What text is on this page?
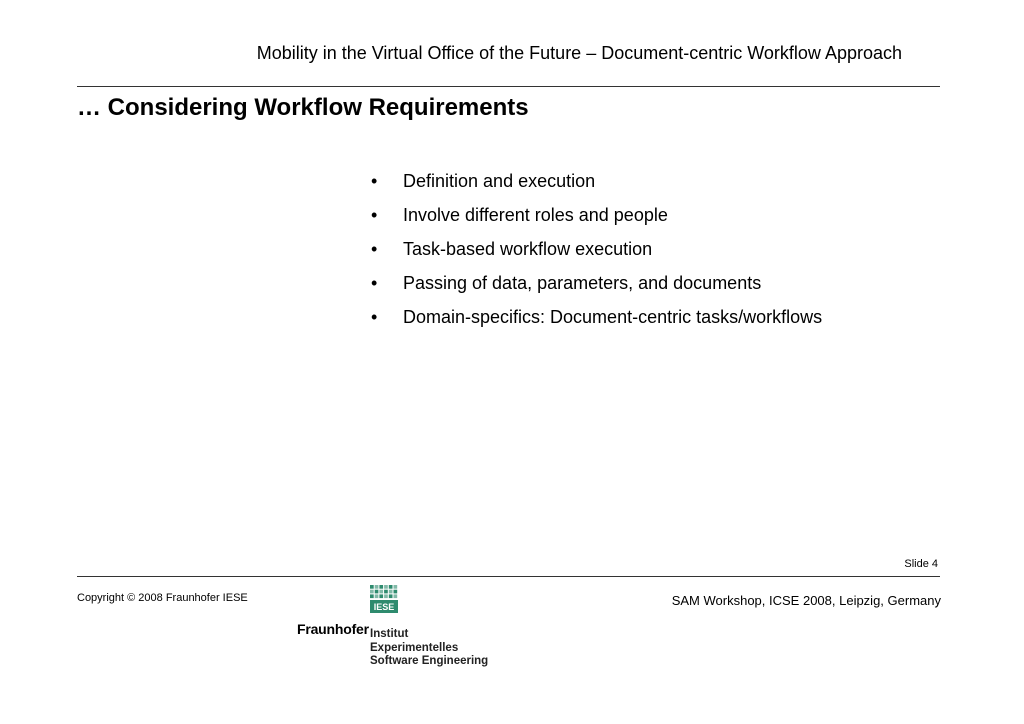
Mobility in the Virtual Office of the Future – Document-centric Workflow Approach
… Considering Workflow Requirements
• Definition and execution
• Involve different roles and people
• Task-based workflow execution
• Passing of data, parameters, and documents
• Domain-specifics: Document-centric tasks/workflows
Slide 4
Copyright © 2008 Fraunhofer IESE
IESE
Fraunhofer Institut
Experimentelles
Software Engineering
SAM Workshop, ICSE 2008, Leipzig, Germany
